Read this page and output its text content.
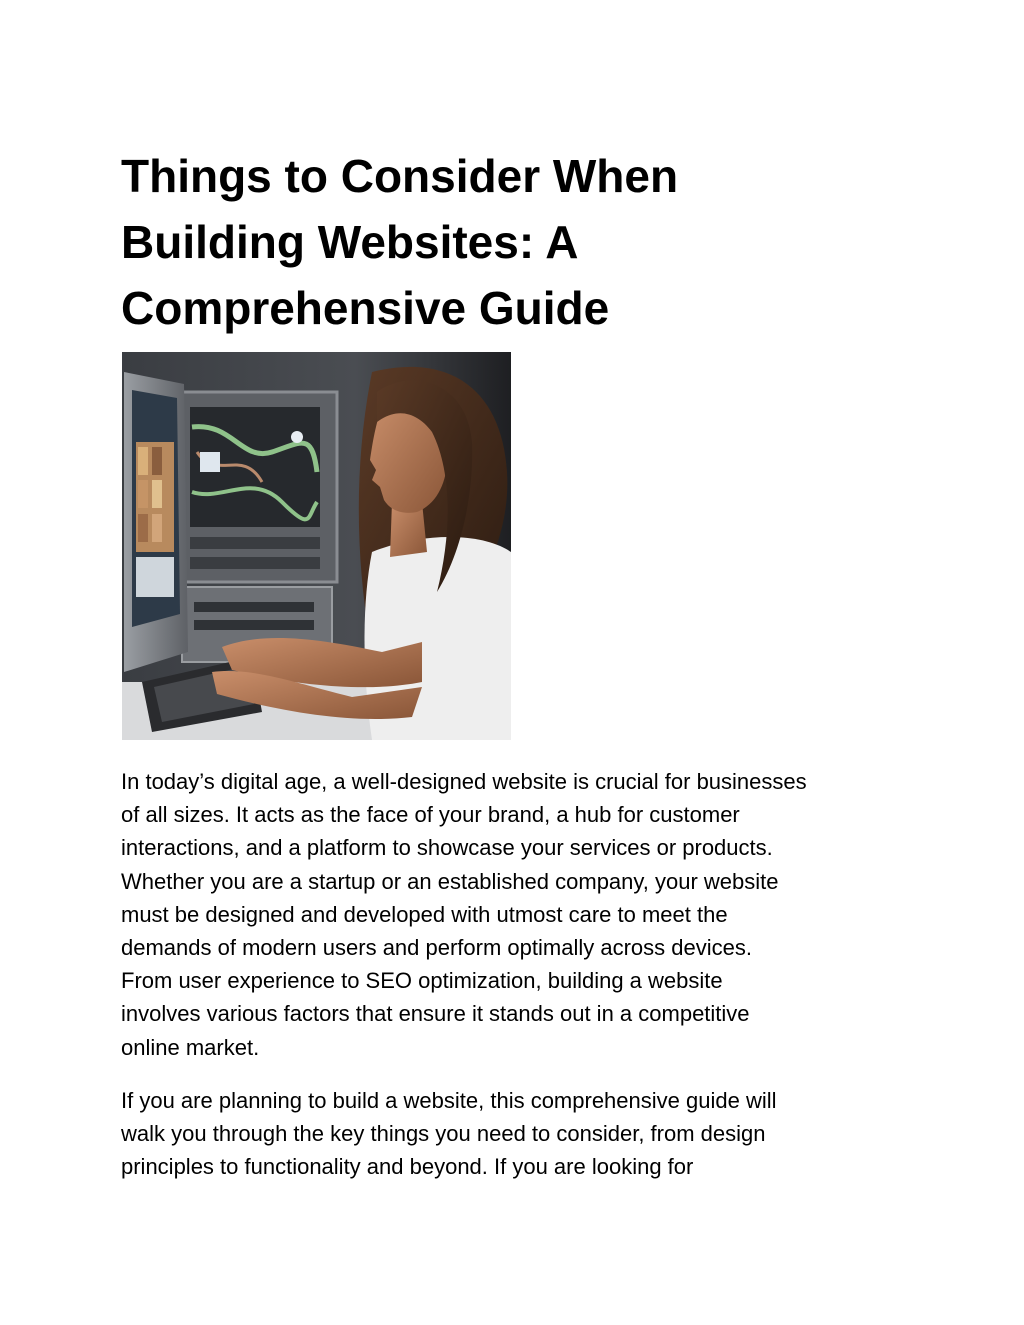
Things to Consider When
Building Websites: A
Comprehensive Guide

In today’s digital age, a well-designed website is crucial for businesses
of all sizes. It acts as the face of your brand, a hub for customer
interactions, and a platform to showcase your services or products.
Whether you are a startup or an established company, your website
must be designed and developed with utmost care to meet the
demands of modern users and perform optimally across devices.
From user experience to SEO optimization, building a website
involves various factors that ensure it stands out in a competitive
online market.

If you are planning to build a website, this comprehensive guide will
walk you through the key things you need to consider, from design
principles to functionality and beyond. If you are looking for
